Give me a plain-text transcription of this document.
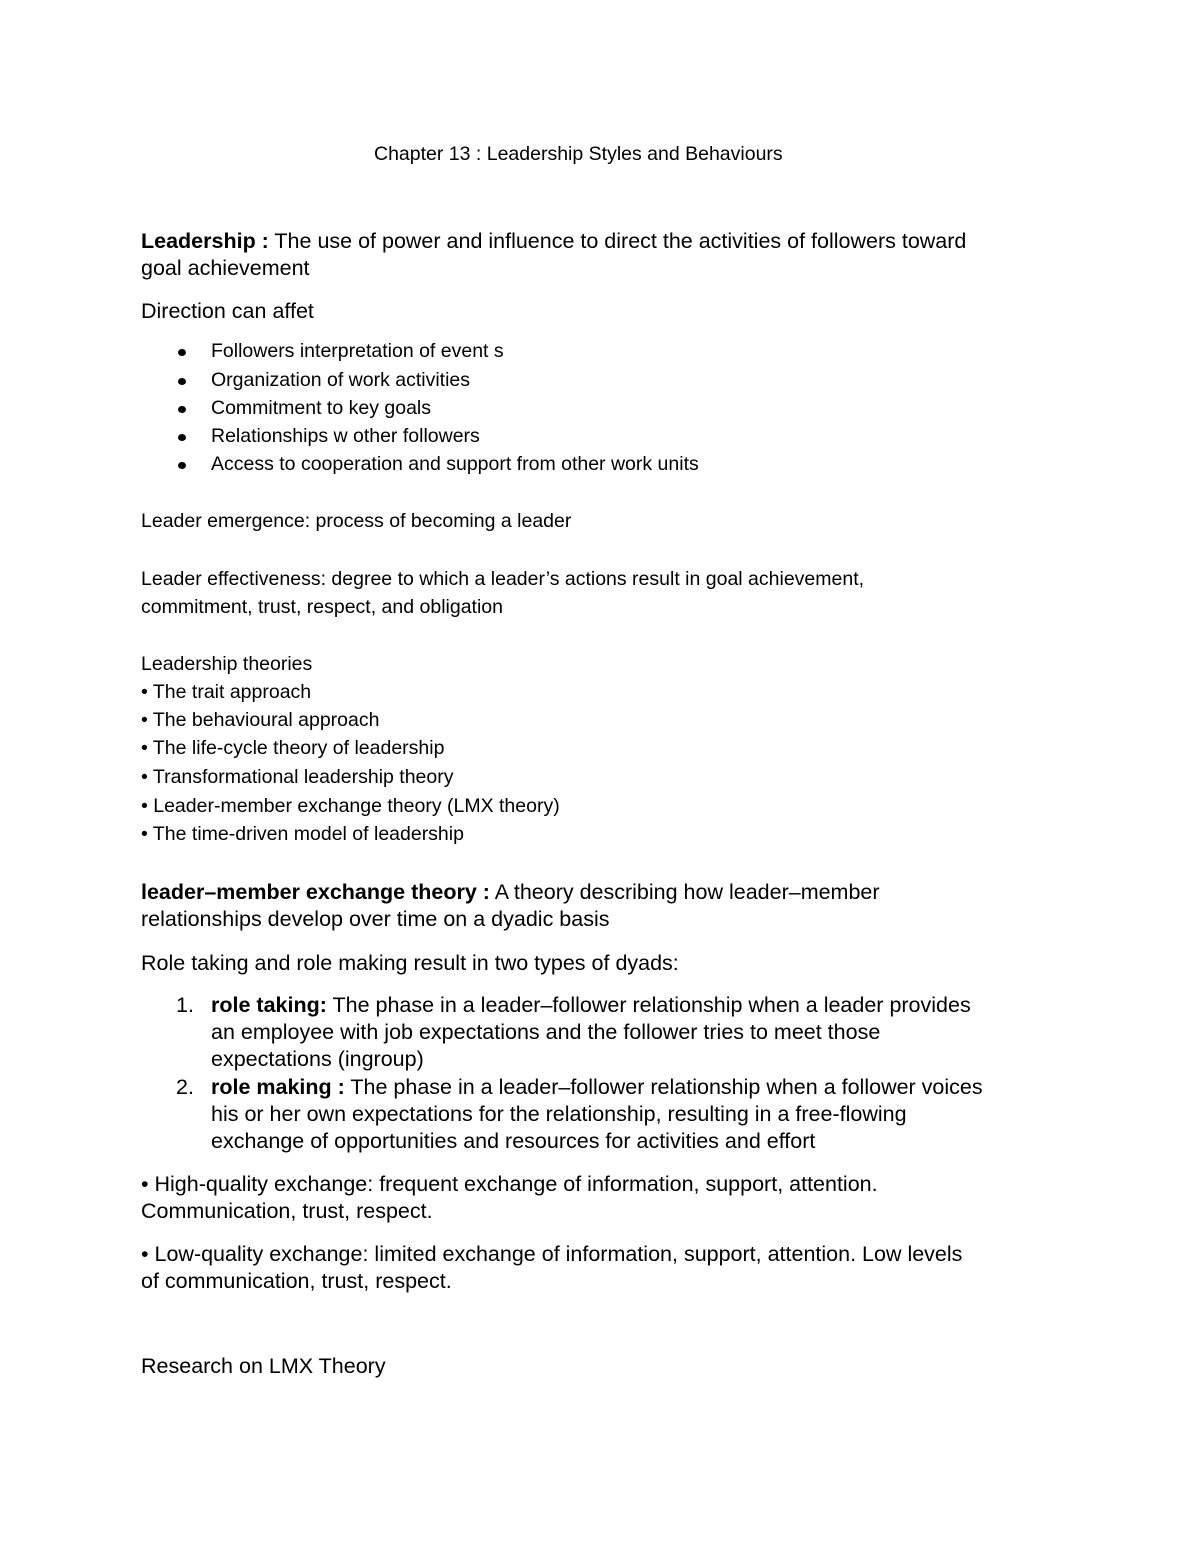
Chapter 13 : Leadership Styles and Behaviours

Leadership : The use of power and influence to direct the activities of followers toward

goal achievement

Direction can affet

Followers interpretation of event s

Organization of work activities

Commitment to key goals

Relationships w other followers

Access to cooperation and support from other work units

Leader emergence: process of becoming a leader

Leader effectiveness: degree to which a leader’s actions result in goal achievement,

commitment, trust, respect, and obligation

Leadership theories

• The trait approach

• The behavioural approach

• The life-cycle theory of leadership

• Transformational leadership theory

• Leader-member exchange theory (LMX theory)

• The time-driven model of leadership

leader–member exchange theory : A theory describing how leader–member

relationships develop over time on a dyadic basis

Role taking and role making result in two types of dyads:

1. role taking: The phase in a leader–follower relationship when a leader provides

an employee with job expectations and the follower tries to meet those

expectations (ingroup)

2. role making : The phase in a leader–follower relationship when a follower voices

his or her own expectations for the relationship, resulting in a free-flowing

exchange of opportunities and resources for activities and effort

• High-quality exchange: frequent exchange of information, support, attention.

Communication, trust, respect.

• Low-quality exchange: limited exchange of information, support, attention. Low levels

of communication, trust, respect.

Research on LMX Theory
